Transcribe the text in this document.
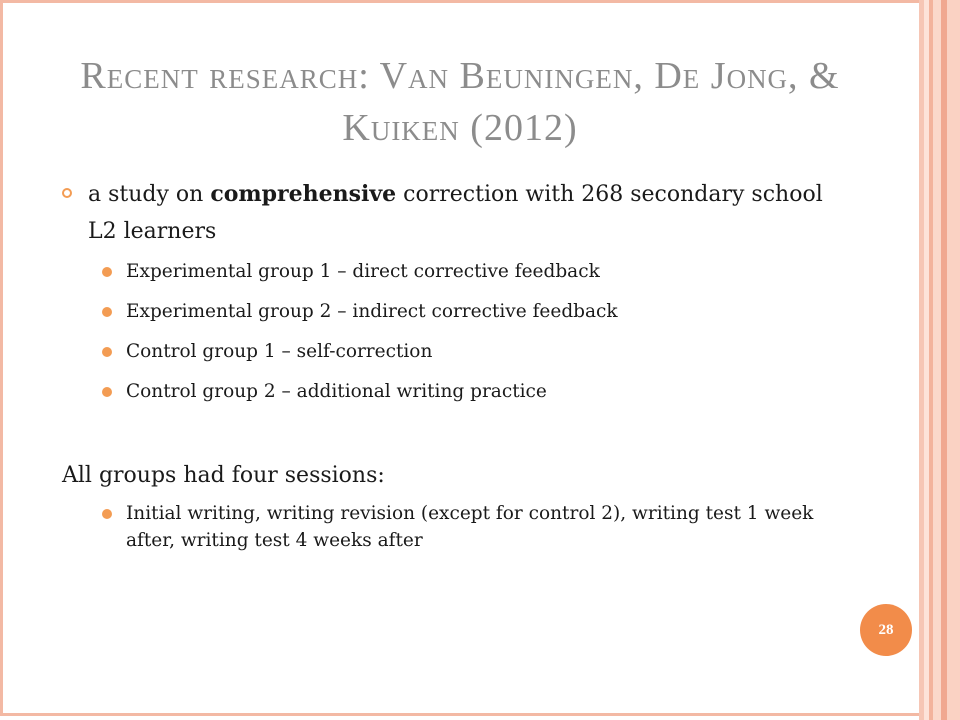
Recent research: Van Beuningen, De Jong, & Kuiken (2012)

a study on comprehensive correction with 268 secondary school L2 learners

Experimental group 1 – direct corrective feedback

Experimental group 2 – indirect corrective feedback

Control group 1 – self-correction

Control group 2 – additional writing practice

All groups had four sessions:

Initial writing, writing revision (except for control 2), writing test 1 week after, writing test 4 weeks after

28
